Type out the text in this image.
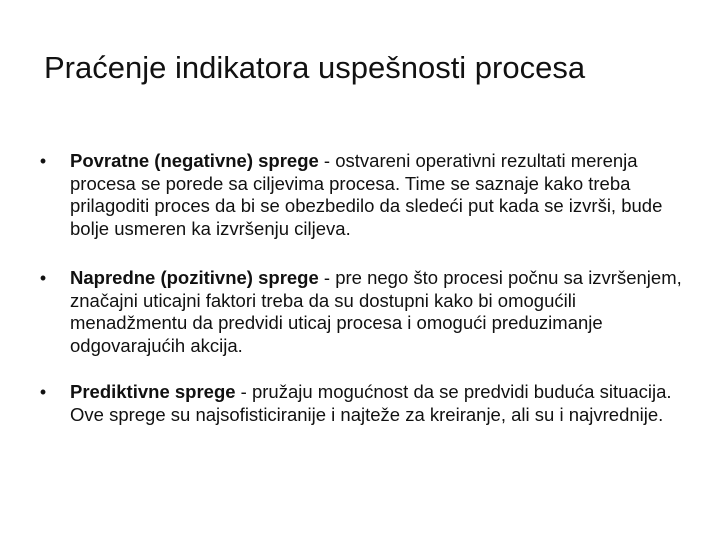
Praćenje indikatora uspešnosti procesa
•	Povratne (negativne) sprege - ostvareni operativni rezultati merenja procesa se porede sa ciljevima procesa. Time se saznaje kako treba prilagoditi proces da bi se obezbedilo da sledeći put kada se izvrši, bude bolje usmeren ka izvršenju ciljeva.
•	Napredne (pozitivne) sprege - pre nego što procesi počnu sa izvršenjem, značajni uticajni faktori treba da su dostupni kako bi omogućili menadžmentu da predvidi uticaj procesa i omogući preduzimanje odgovarajućih akcija.
•	Prediktivne sprege - pružaju mogućnost da se predvidi buduća situacija. Ove sprege su najsofisticiranije i najteže za kreiranje, ali su i najvrednije.
